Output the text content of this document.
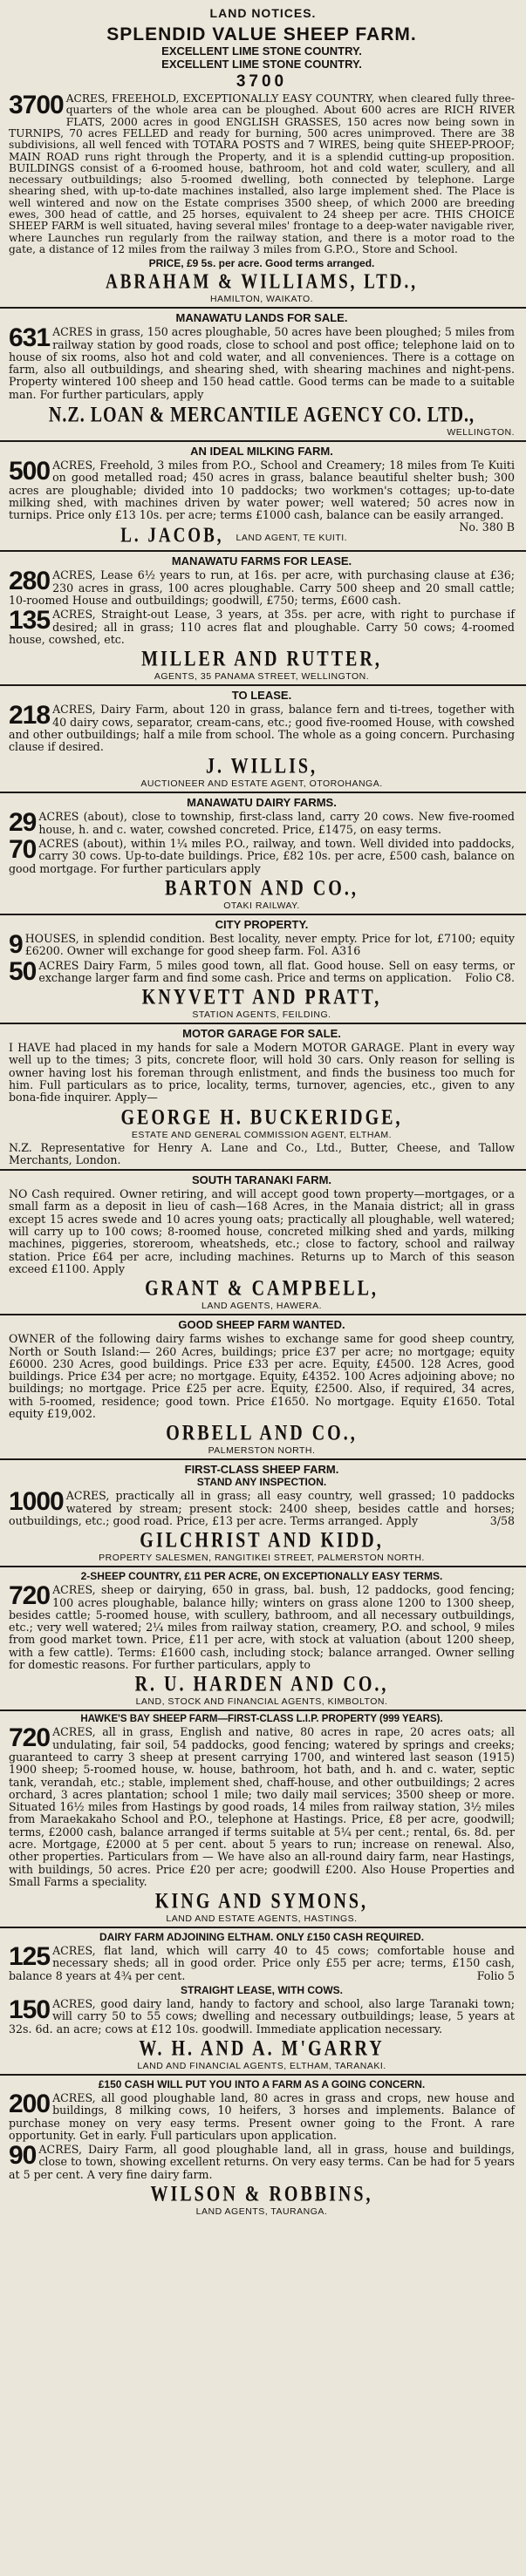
LAND NOTICES.
SPLENDID VALUE SHEEP FARM.
EXCELLENT LIME STONE COUNTRY.
EXCELLENT LIME STONE COUNTRY.
3700
3700 ACRES, FREEHOLD, EXCEPTIONALLY EASY COUNTRY, when cleared fully three-quarters of the whole area can be ploughed. About 600 acres are RICH RIVER FLATS, 2000 acres in good ENGLISH GRASSES, 150 acres now being sown in TURNIPS, 70 acres FELLED and ready for burning, 500 acres unimproved. There are 38 subdivisions, all well fenced with TOTARA POSTS and 7 WIRES, being quite SHEEP-PROOF; MAIN ROAD runs right through the Property, and it is a splendid cutting-up proposition. BUILDINGS consist of a 6-roomed house, bathroom, hot and cold water, scullery, and all necessary outbuildings; also 5-roomed dwelling, both connected by telephone. Large shearing shed, with up-to-date machines installed, also large implement shed. The Place is well wintered and now on the Estate comprises 3500 sheep, of which 2000 are breeding ewes, 300 head of cattle, and 25 horses, equivalent to 24 sheep per acre. THIS CHOICE SHEEP FARM is well situated, having several miles' frontage to a deep-water navigable river, where Launches run regularly from the railway station, and there is a motor road to the gate, a distance of 12 miles from the railway 3 miles from G.P.O., Store and School.
PRICE, £9 5s. per acre. Good terms arranged.
ABRAHAM & WILLIAMS, LTD.,
HAMILTON, WAIKATO.
MANAWATU LANDS FOR SALE.
631 ACRES in grass, 150 acres ploughable, 50 acres have been ploughed; 5 miles from railway station by good roads, close to school and post office; telephone laid on to house of six rooms, also hot and cold water, and all conveniences. There is a cottage on farm, also all outbuildings, and shearing shed, with shearing machines and night-pens. Property wintered 100 sheep and 150 head cattle. Good terms can be made to a suitable man. For further particulars, apply
N.Z. LOAN & MERCANTILE AGENCY CO. LTD.,
WELLINGTON.
AN IDEAL MILKING FARM.
500 ACRES, Freehold, 3 miles from P.O., School and Creamery; 18 miles from Te Kuiti on good metalled road; 450 acres in grass, balance beautiful shelter bush; 300 acres are ploughable; divided into 10 paddocks; two workmen's cottages; up-to-date milking shed, with machines driven by water power; well watered; 50 acres now in turnips. Price only £13 10s. per acre; terms £1000 cash, balance can be easily arranged.
No. 380 B
L. JACOB, LAND AGENT, TE KUITI.
MANAWATU FARMS FOR LEASE.
280 ACRES, Lease 6½ years to run, at 16s. per acre, with purchasing clause at £36; 230 acres in grass, 100 acres ploughable. Carry 500 sheep and 20 small cattle; 10-roomed House and outbuildings; goodwill, £750; terms, £600 cash.
135 ACRES, Straight-out Lease, 3 years, at 35s. per acre, with right to purchase if desired; all in grass; 110 acres flat and ploughable. Carry 50 cows; 4-roomed house, cowshed, etc.
MILLER AND RUTTER,
AGENTS, 35 PANAMA STREET, WELLINGTON.
TO LEASE.
218 ACRES, Dairy Farm, about 120 in grass, balance fern and ti-trees, together with 40 dairy cows, separator, cream-cans, etc.; good five-roomed House, with cowshed and other outbuildings; half a mile from school. The whole as a going concern. Purchasing clause if desired.
J. WILLIS,
AUCTIONEER AND ESTATE AGENT, OTOROHANGA.
MANAWATU DAIRY FARMS.
29 ACRES (about), close to township, first-class land, carry 20 cows. New five-roomed house, h. and c. water, cowshed concreted. Price, £1475, on easy terms.
70 ACRES (about), within 1¼ miles P.O., railway, and town. Well divided into paddocks, carry 30 cows. Up-to-date buildings. Price, £82 10s. per acre, £500 cash, balance on good mortgage. For further particulars apply
BARTON AND CO.,
OTAKI RAILWAY.
CITY PROPERTY.
9 HOUSES, in splendid condition. Best locality, never empty. Price for lot, £7100; equity £6200. Owner will exchange for good sheep farm. Fol. A316
50 ACRES Dairy Farm, 5 miles good town, all flat. Good house. Sell on easy terms, or exchange larger farm and find some cash. Price and terms on application. Folio C8.
KNYVETT AND PRATT,
STATION AGENTS, FEILDING.
MOTOR GARAGE FOR SALE.
I HAVE had placed in my hands for sale a Modern MOTOR GARAGE. Plant in every way well up to the times; 3 pits, concrete floor, will hold 30 cars. Only reason for selling is owner having lost his foreman through enlistment, and finds the business too much for him. Full particulars as to price, locality, terms, turnover, agencies, etc., given to any bona-fide inquirer. Apply—
GEORGE H. BUCKERIDGE,
ESTATE AND GENERAL COMMISSION AGENT, ELTHAM.
N.Z. Representative for Henry A. Lane and Co., Ltd., Butter, Cheese, and Tallow Merchants, London.
SOUTH TARANAKI FARM.
NO Cash required. Owner retiring, and will accept good town property—mortgages, or a small farm as a deposit in lieu of cash—168 Acres, in the Manaia district; all in grass except 15 acres swede and 10 acres young oats; practically all ploughable, well watered; will carry up to 100 cows; 8-roomed house, concreted milking shed and yards, milking machines, piggeries, storeroom, wheatsheds, etc.; close to factory, school and railway station. Price £64 per acre, including machines. Returns up to March of this season exceed £1100. Apply
GRANT & CAMPBELL,
LAND AGENTS, HAWERA.
GOOD SHEEP FARM WANTED.
OWNER of the following dairy farms wishes to exchange same for good sheep country, North or South Island:— 260 Acres, buildings; price £37 per acre; no mortgage; equity £6000. 230 Acres, good buildings. Price £33 per acre. Equity, £4500. 128 Acres, good buildings. Price £34 per acre; no mortgage. Equity, £4352. 100 Acres adjoining above; no buildings; no mortgage. Price £25 per acre. Equity, £2500. Also, if required, 34 acres, with 5-roomed, residence; good town. Price £1650. No mortgage. Equity £1650. Total equity £19,002.
ORBELL AND CO.,
PALMERSTON NORTH.
FIRST-CLASS SHEEP FARM.
STAND ANY INSPECTION.
1000 ACRES, practically all in grass; all easy country, well grassed; 10 paddocks watered by stream; present stock: 2400 sheep, besides cattle and horses; outbuildings, etc.; good road. Price, £13 per acre. Terms arranged. Apply	3/58
GILCHRIST AND KIDD,
PROPERTY SALESMEN, RANGITIKEI STREET, PALMERSTON NORTH.
2-SHEEP COUNTRY, £11 PER ACRE, ON EXCEPTIONALLY EASY TERMS.
720 ACRES, sheep or dairying, 650 in grass, bal. bush, 12 paddocks, good fencing; 100 acres ploughable, balance hilly; winters on grass alone 1200 to 1300 sheep, besides cattle; 5-roomed house, with scullery, bathroom, and all necessary outbuildings, etc.; very well watered; 2¼ miles from railway station, creamery, P.O. and school, 9 miles from good market town. Price, £11 per acre, with stock at valuation (about 1200 sheep, with a few cattle). Terms: £1600 cash, including stock; balance arranged. Owner selling for domestic reasons. For further particulars, apply to
R. U. HARDEN AND CO.,
LAND, STOCK AND FINANCIAL AGENTS, KIMBOLTON.
HAWKE'S BAY SHEEP FARM—FIRST-CLASS L.I.P. PROPERTY (999 YEARS).
720 ACRES, all in grass, English and native, 80 acres in rape, 20 acres oats; all undulating, fair soil, 54 paddocks, good fencing; watered by springs and creeks; guaranteed to carry 3 sheep at present carrying 1700, and wintered last season (1915) 1900 sheep; 5-roomed house, w. house, bathroom, hot bath, and h. and c. water, septic tank, verandah, etc.; stable, implement shed, chaff-house, and other outbuildings; 2 acres orchard, 3 acres plantation; school 1 mile; two daily mail services; 3500 sheep or more. Situated 16½ miles from Hastings by good roads, 14 miles from railway station, 3½ miles from Maraekakaho School and P.O., telephone at Hastings. Price, £8 per acre, goodwill; terms, £2000 cash, balance arranged if terms suitable at 5¼ per cent.; rental, 6s. 8d. per acre. Mortgage, £2000 at 5 per cent. about 5 years to run; increase on renewal. Also, other properties. Particulars from — We have also an all-round dairy farm, near Hastings, with buildings, 50 acres. Price £20 per acre; goodwill £200. Also House Properties and Small Farms a speciality.
KING AND SYMONS,
LAND AND ESTATE AGENTS, HASTINGS.
DAIRY FARM ADJOINING ELTHAM. ONLY £150 CASH REQUIRED.
125 ACRES, flat land, which will carry 40 to 45 cows; comfortable house and necessary sheds; all in good order. Price only £55 per acre; terms, £150 cash, balance 8 years at 4¾ per cent.	Folio 5
STRAIGHT LEASE, WITH COWS.
150 ACRES, good dairy land, handy to factory and school, also large Taranaki town; will carry 50 to 55 cows; dwelling and necessary outbuildings; lease, 5 years at 32s. 6d. an acre; cows at £12 10s. goodwill. Immediate application necessary.
W. H. AND A. M'GARRY
LAND AND FINANCIAL AGENTS, ELTHAM, TARANAKI.
£150 CASH WILL PUT YOU INTO A FARM AS A GOING CONCERN.
200 ACRES, all good ploughable land, 80 acres in grass and crops, new house and buildings, 8 milking cows, 10 heifers, 3 horses and implements. Balance of purchase money on very easy terms. Present owner going to the Front. A rare opportunity. Get in early. Full particulars upon application.
90 ACRES, Dairy Farm, all good ploughable land, all in grass, house and buildings, close to town, showing excellent returns. On very easy terms. Can be had for 5 years at 5 per cent. A very fine dairy farm.
WILSON & ROBBINS,
LAND AGENTS, TAURANGA.
